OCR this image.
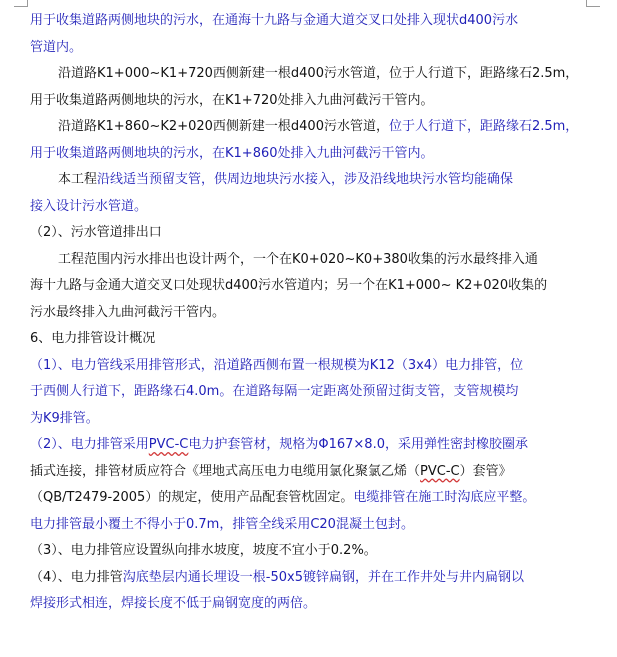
用于收集道路两侧地块的污水，在通海十九路与金通大道交叉口处排入现状d400污水
管道内。
沿道路K1+000~K1+720西侧新建一根d400污水管道，位于人行道下，距路缘石2.5m，
用于收集道路两侧地块的污水，在K1+720处排入九曲河截污干管内。
沿道路K1+860~K2+020西侧新建一根d400污水管道，位于人行道下，距路缘石2.5m，
用于收集道路两侧地块的污水，在K1+860处排入九曲河截污干管内。
本工程沿线适当预留支管，供周边地块污水接入，涉及沿线地块污水管均能确保
接入设计污水管道。
（2）、污水管道排出口
工程范围内污水排出也设计两个，一个在K0+020~K0+380收集的污水最终排入通
海十九路与金通大道交叉口处现状d400污水管道内；另一个在K1+000~ K2+020收集的
污水最终排入九曲河截污干管内。
6、电力排管设计概况
（1）、电力管线采用排管形式，沿道路西侧布置一根规模为K12（3x4）电力排管，位
于西侧人行道下，距路缘石4.0m。在道路每隔一定距离处预留过街支管，支管规模均
为K9排管。
（2）、电力排管采用PVC-C电力护套管材，规格为Φ167×8.0，采用弹性密封橡胶圈承
插式连接，排管材质应符合《埋地式高压电力电缆用氯化聚氯乙烯（PVC-C）套管》
（QB/T2479-2005）的规定，使用产品配套管枕固定。电缆排管在施工时沟底应平整。
电力排管最小覆土不得小于0.7m，排管全线采用C20混凝土包封。
（3）、电力排管应设置纵向排水坡度，坡度不宜小于0.2%。
（4）、电力排管沟底垫层内通长埋设一根-50x5镀锌扁钢，并在工作井处与井内扁钢以
焊接形式相连，焊接长度不低于扁钢宽度的两倍。
